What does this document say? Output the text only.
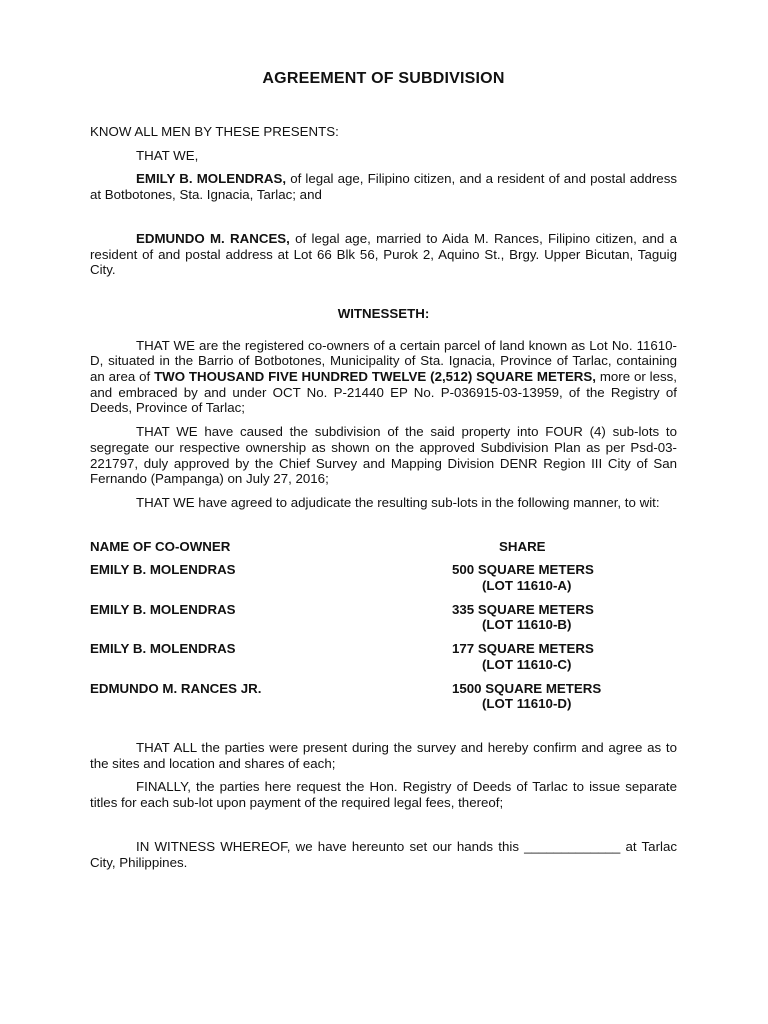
AGREEMENT OF SUBDIVISION

KNOW ALL MEN BY THESE PRESENTS:

THAT WE,

EMILY B. MOLENDRAS, of legal age, Filipino citizen, and a resident of and postal address at Botbotones, Sta. Ignacia, Tarlac; and

EDMUNDO M. RANCES, of legal age, married to Aida M. Rances, Filipino citizen, and a resident of and postal address at Lot 66 Blk 56, Purok 2, Aquino St., Brgy. Upper Bicutan, Taguig City.

WITNESSETH:

THAT WE are the registered co-owners of a certain parcel of land known as Lot No. 11610-D, situated in the Barrio of Botbotones, Municipality of Sta. Ignacia, Province of Tarlac, containing an area of TWO THOUSAND FIVE HUNDRED TWELVE (2,512) SQUARE METERS, more or less, and embraced by and under OCT No. P-21440 EP No. P-036915-03-13959, of the Registry of Deeds, Province of Tarlac;

THAT WE have caused the subdivision of the said property into FOUR (4) sub-lots to segregate our respective ownership as shown on the approved Subdivision Plan as per Psd-03-221797, duly approved by the Chief Survey and Mapping Division DENR Region III City of San Fernando (Pampanga) on July 27, 2016;

THAT WE have agreed to adjudicate the resulting sub-lots in the following manner, to wit:

NAME OF CO-OWNER	SHARE
EMILY B. MOLENDRAS	500 SQUARE METERS
(LOT 11610-A)
EMILY B. MOLENDRAS	335 SQUARE METERS
(LOT 11610-B)
EMILY B. MOLENDRAS	177 SQUARE METERS
(LOT 11610-C)
EDMUNDO M. RANCES JR.	1500 SQUARE METERS
(LOT 11610-D)

THAT ALL the parties were present during the survey and hereby confirm and agree as to the sites and location and shares of each;

FINALLY, the parties here request the Hon. Registry of Deeds of Tarlac to issue separate titles for each sub-lot upon payment of the required legal fees, thereof;

IN WITNESS WHEREOF, we have hereunto set our hands this _____________ at Tarlac City, Philippines.
